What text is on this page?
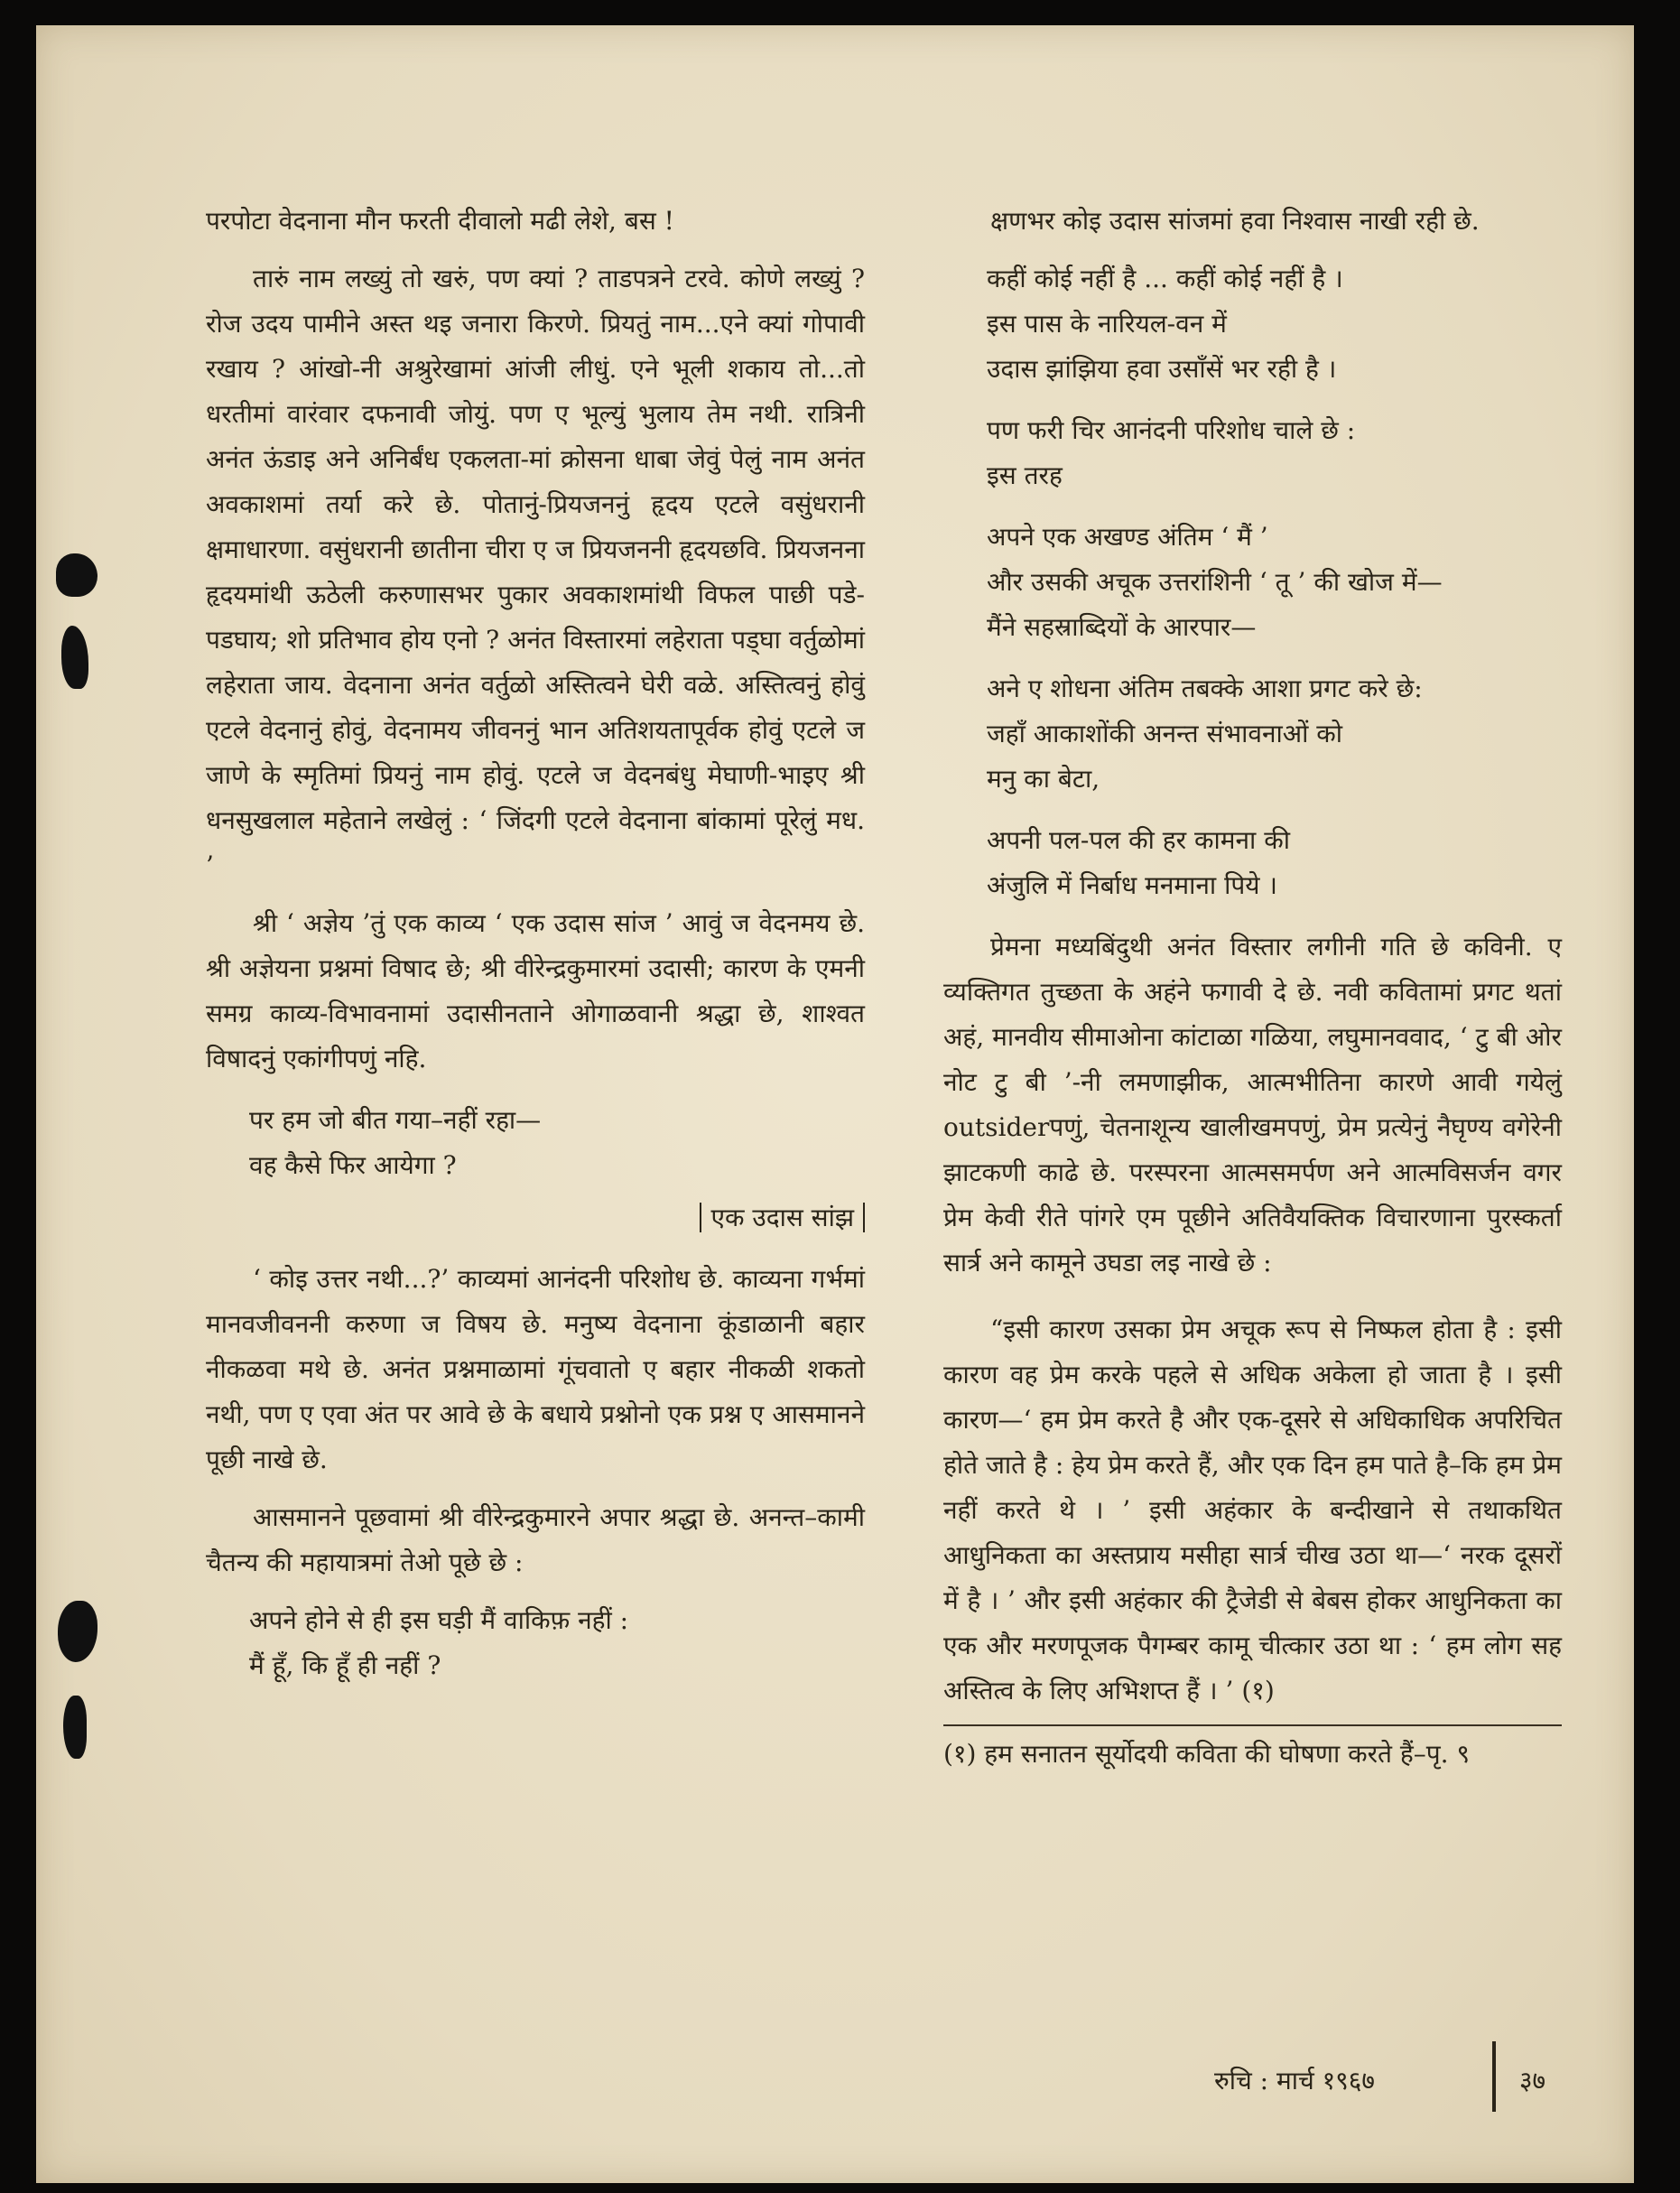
परपोटा वेदनाना मौन फरती दीवालो मढी लेशे, बस !

तारुं नाम लख्युं तो खरुं, पण क्यां ? ताडपत्रने टरवे. कोणे लख्युं ? रोज उदय पामीने अस्त थइ जनारा किरणे. प्रियतुं नाम...एने क्यां गोपावी रखाय ? आंखो-नी अश्रुरेखामां आंजी लीधुं. एने भूली शकाय तो...तो धरतीमां वारंवार दफनावी जोयुं. पण ए भूल्युं भुलाय तेम नथी. रात्रिनी अनंत ऊंडाइ अने अनिर्बंध एकलता-मां क्रोसना धाबा जेवुं पेलुं नाम अनंत अवकाशमां तर्या करे छे. पोतानुं-प्रियजननुं हृदय एटले वसुंधरानी क्षमाधारणा. वसुंधरानी छातीना चीरा ए ज प्रियजननी हृदयछवि. प्रियजनना हृदयमांथी ऊठेली करुणासभर पुकार अवकाशमांथी विफल पाछी पडे-पडघाय; शो प्रतिभाव होय एनो ? अनंत विस्तारमां लहेराता पड्घा वर्तुळोमां लहेराता जाय. वेदनाना अनंत वर्तुळो अस्तित्वने घेरी वळे. अस्तित्वनुं होवुं एटले वेदनानुं होवुं, वेदनामय जीवननुं भान अतिशयतापूर्वक होवुं एटले ज जाणे के स्मृतिमां प्रियनुं नाम होवुं. एटले ज वेदनबंधु मेघाणी-भाइए श्री धनसुखलाल महेताने लखेलुं : ‘ जिंदगी एटले वेदनाना बांकामां पूरेलुं मध. ’

श्री ‘ अज्ञेय ’तुं एक काव्य ‘ एक उदास सांज ’ आवुं ज वेदनमय छे. श्री अज्ञेयना प्रश्नमां विषाद छे; श्री वीरेन्द्रकुमारमां उदासी; कारण के एमनी समग्र काव्य-विभावनामां उदासीनताने ओगाळवानी श्रद्धा छे, शाश्वत विषादनुं एकांगीपणुं नहि.

पर हम जो बीत गया–नहीं रहा—

वह कैसे फिर आयेगा ?

एक उदास सांझ

‘ कोइ उत्तर नथी...?’ काव्यमां आनंदनी परिशोध छे. काव्यना गर्भमां मानवजीवननी करुणा ज विषय छे. मनुष्य वेदनाना कूंडाळानी बहार नीकळवा मथे छे. अनंत प्रश्नमाळामां गूंचवातो ए बहार नीकळी शकतो नथी, पण ए एवा अंत पर आवे छे के बधाये प्रश्नोनो एक प्रश्न ए आसमानने पूछी नाखे छे.

आसमानने पूछवामां श्री वीरेन्द्रकुमारने अपार श्रद्धा छे. अनन्त–कामी चैतन्य की महायात्रमां तेओ पूछे छे :

अपने होने से ही इस घड़ी मैं वाकिफ़ नहीं :

मैं हूँ, कि हूँ ही नहीं ?

क्षणभर कोइ उदास सांजमां हवा निश्वास नाखी रही छे.

कहीं कोई नहीं है ... कहीं कोई नहीं है ।

इस पास के नारियल-वन में

उदास झांझिया हवा उसाँसें भर रही है ।

पण फरी चिर आनंदनी परिशोध चाले छे :

इस तरह

अपने एक अखण्ड अंतिम ‘ मैं ’

और उसकी अचूक उत्तरांशिनी ‘ तू ’ की खोज में—

मैंने सहस्राब्दियों के आरपार—

अने ए शोधना अंतिम तबक्के आशा प्रगट करे छे:

जहाँ आकाशोंकी अनन्त संभावनाओं को

मनु का बेटा,

अपनी पल-पल की हर कामना की

अंजुलि में निर्बाध मनमाना पिये ।

प्रेमना मध्यबिंदुथी अनंत विस्तार लगीनी गति छे कविनी. ए व्यक्तिगत तुच्छता के अहंने फगावी दे छे. नवी कवितामां प्रगट थतां अहं, मानवीय सीमाओना कांटाळा गळिया, लघुमानववाद, ‘ टु बी ओर नोट टु बी ’-नी लमणाझीक, आत्मभीतिना कारणे आवी गयेलुं outsiderपणुं, चेतनाशून्य खालीखमपणुं, प्रेम प्रत्येनुं नैघृण्य वगेरेनी झाटकणी काढे छे. परस्परना आत्मसमर्पण अने आत्मविसर्जन वगर प्रेम केवी रीते पांगरे एम पूछीने अतिवैयक्तिक विचारणाना पुरस्कर्ता सार्त्र अने कामूने उघडा लइ नाखे छे :

“इसी कारण उसका प्रेम अचूक रूप से निष्फल होता है : इसी कारण वह प्रेम करके पहले से अधिक अकेला हो जाता है । इसी कारण—‘ हम प्रेम करते है और एक-दूसरे से अधिकाधिक अपरिचित होते जाते है : हेय प्रेम करते हैं, और एक दिन हम पाते है–कि हम प्रेम नहीं करते थे । ’ इसी अहंकार के बन्दीखाने से तथाकथित आधुनिकता का अस्तप्राय मसीहा सार्त्र चीख उठा था—‘ नरक दूसरों में है । ’ और इसी अहंकार की ट्रैजेडी से बेबस होकर आधुनिकता का एक और मरणपूजक पैगम्बर कामू चीत्कार उठा था : ‘ हम लोग सह अस्तित्व के लिए अभिशप्त हैं । ’ (१)

(१) हम सनातन सूर्योदयी कविता की घोषणा करते हैं–पृ. ९

रुचि : मार्च १९६७	३७
